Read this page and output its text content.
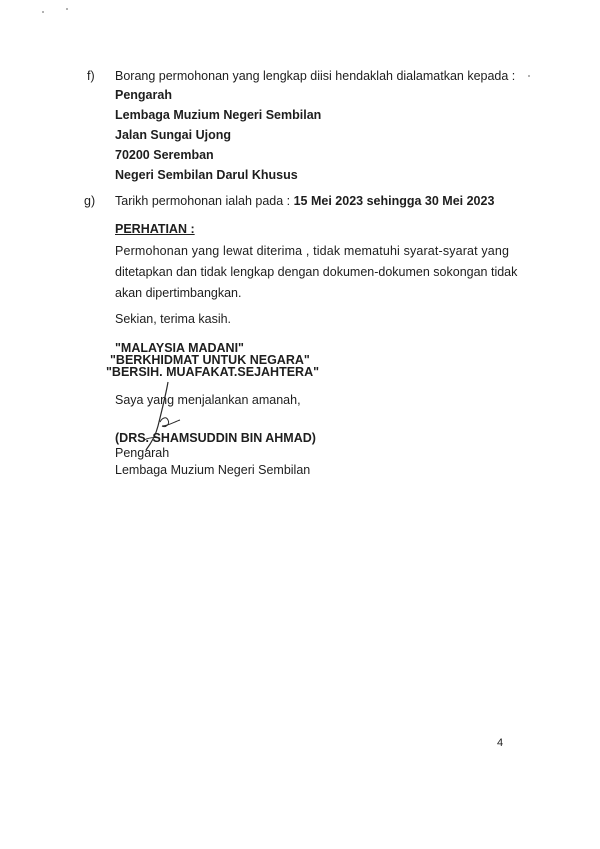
f) Borang permohonan yang lengkap diisi hendaklah dialamatkan kepada :
Pengarah
Lembaga Muzium Negeri Sembilan
Jalan Sungai Ujong
70200 Seremban
Negeri Sembilan Darul Khusus
g) Tarikh permohonan ialah pada : 15 Mei 2023 sehingga 30 Mei 2023
PERHATIAN :
Permohonan yang lewat diterima , tidak mematuhi syarat-syarat yang
ditetapkan dan tidak lengkap dengan dokumen-dokumen sokongan tidak
akan dipertimbangkan.
Sekian, terima kasih.
"MALAYSIA MADANI"
"BERKHIDMAT UNTUK NEGARA"
"BERSIH. MUAFAKAT.SEJAHTERA"
Saya yang menjalankan amanah,
(DRS. SHAMSUDDIN BIN AHMAD)
Pengarah
Lembaga Muzium Negeri Sembilan
4
